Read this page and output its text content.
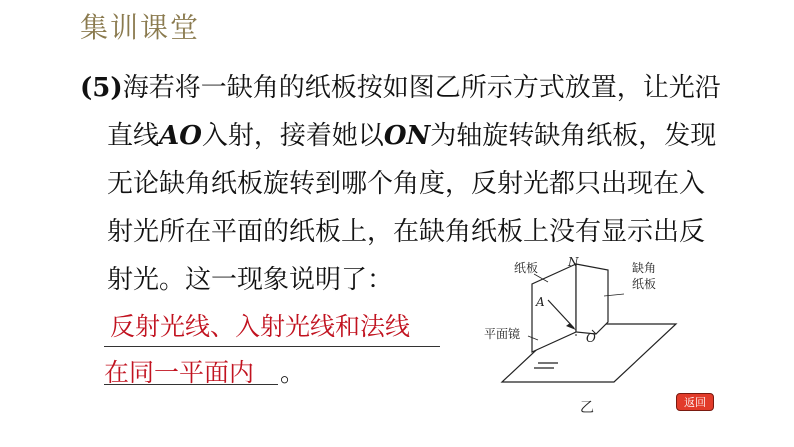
集训课堂
(5)海若将一缺角的纸板按如图乙所示方式放置，让光沿
直线AO入射，接着她以ON为轴旋转缺角纸板，发现
无论缺角纸板旋转到哪个角度，反射光都只出现在入
射光所在平面的纸板上，在缺角纸板上没有显示出反
射光。这一现象说明了：
反射光线、入射光线和法线
在同一平面内 。
纸板 N	缺角
纸板
A
平面镜	O
乙	返回
